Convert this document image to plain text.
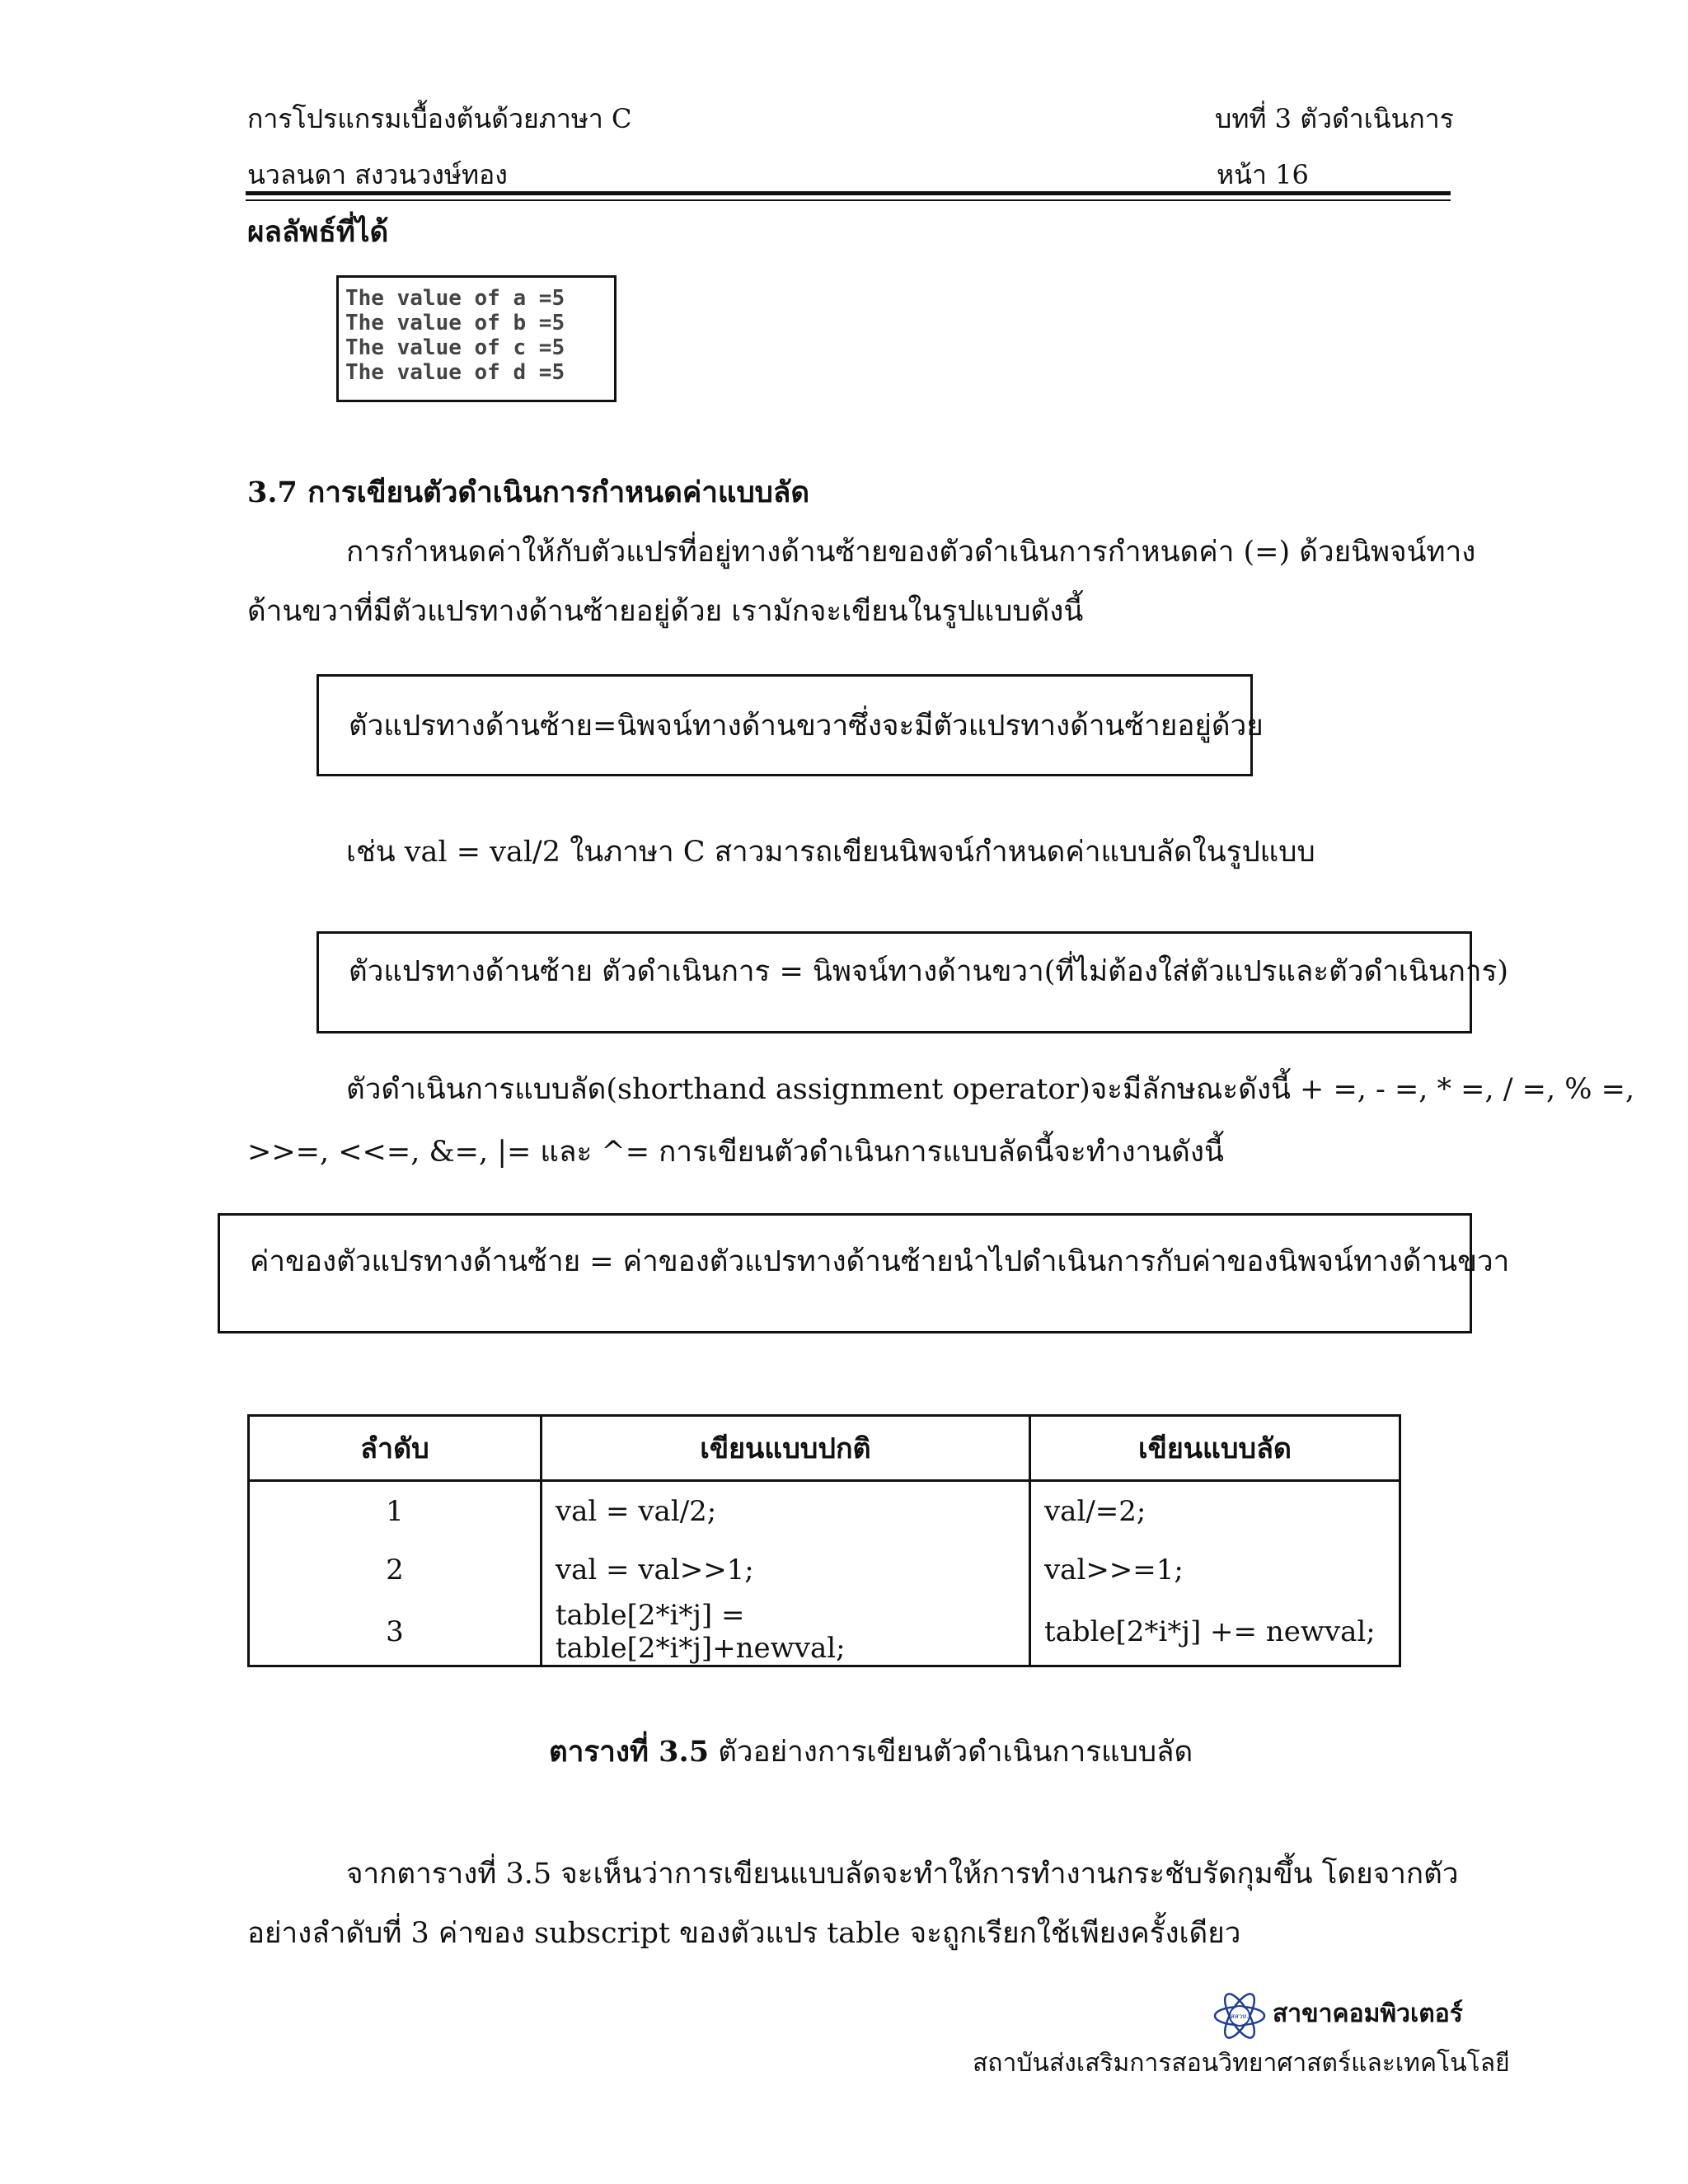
การโปรแกรมเบื้องต้นด้วยภาษา C	บทที่ 3 ตัวดำเนินการ
นวลนดา สงวนวงษ์ทอง	หน้า 16
ผลลัพธ์ที่ได้
The value of a =5
The value of b =5
The value of c =5
The value of d =5
3.7 การเขียนตัวดำเนินการกำหนดค่าแบบลัด
การกำหนดค่าให้กับตัวแปรที่อยู่ทางด้านซ้ายของตัวดำเนินการกำหนดค่า (=) ด้วยนิพจน์ทาง
ด้านขวาที่มีตัวแปรทางด้านซ้ายอยู่ด้วย เรามักจะเขียนในรูปแบบดังนี้
ตัวแปรทางด้านซ้าย=นิพจน์ทางด้านขวาซึ่งจะมีตัวแปรทางด้านซ้ายอยู่ด้วย
เช่น val = val/2 ในภาษา C สาวมารถเขียนนิพจน์กำหนดค่าแบบลัดในรูปแบบ
ตัวแปรทางด้านซ้าย ตัวดำเนินการ = นิพจน์ทางด้านขวา(ที่ไม่ต้องใส่ตัวแปรและตัวดำเนินการ)
ตัวดำเนินการแบบลัด(shorthand assignment operator)จะมีลักษณะดังนี้ + =, - =, * =, / =, % =,
>>=, <<=, &=, |= และ ^= การเขียนตัวดำเนินการแบบลัดนี้จะทำงานดังนี้
ค่าของตัวแปรทางด้านซ้าย = ค่าของตัวแปรทางด้านซ้ายนำไปดำเนินการกับค่าของนิพจน์ทางด้านขวา
ลำดับ	เขียนแบบปกติ	เขียนแบบลัด
1	val = val/2;	val/=2;
2	val = val>>1;	val>>=1;
3	table[2*i*j] = table[2*i*j]+newval;	table[2*i*j] += newval;
ตารางที่ 3.5 ตัวอย่างการเขียนตัวดำเนินการแบบลัด
จากตารางที่ 3.5 จะเห็นว่าการเขียนแบบลัดจะทำให้การทำงานกระชับรัดกุมขึ้น โดยจากตัว
อย่างลำดับที่ 3 ค่าของ subscript ของตัวแปร table จะถูกเรียกใช้เพียงครั้งเดียว
สสวท. สาขาคอมพิวเตอร์
สถาบันส่งเสริมการสอนวิทยาศาสตร์และเทคโนโลยี
